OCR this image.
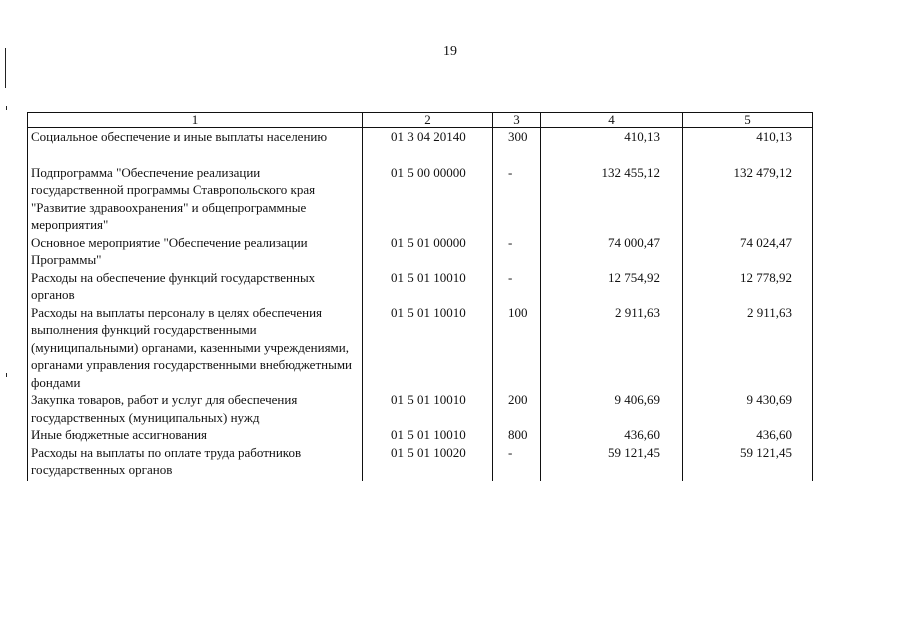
19
1	2	3	4	5
Социальное обеспечение и иные выплаты населению	01 3 04 20140	300	410,13	410,13

Подпрограмма "Обеспечение реализации государственной программы Ставропольского края "Развитие здравоохранения" и общепрограммные мероприятия"	01 5 00 00000	-	132 455,12	132 479,12
Основное мероприятие "Обеспечение реализации Программы"	01 5 01 00000	-	74 000,47	74 024,47
Расходы на обеспечение функций государственных органов	01 5 01 10010	-	12 754,92	12 778,92
Расходы на выплаты персоналу в целях обеспечения выполнения функций государственными (муниципальными) органами, казенными учреждениями, органами управления государственными внебюджетными фондами	01 5 01 10010	100	2 911,63	2 911,63
Закупка товаров, работ и услуг для обеспечения государственных (муниципальных) нужд	01 5 01 10010	200	9 406,69	9 430,69
Иные бюджетные ассигнования	01 5 01 10010	800	436,60	436,60
Расходы на выплаты по оплате труда работников государственных органов	01 5 01 10020	-	59 121,45	59 121,45
